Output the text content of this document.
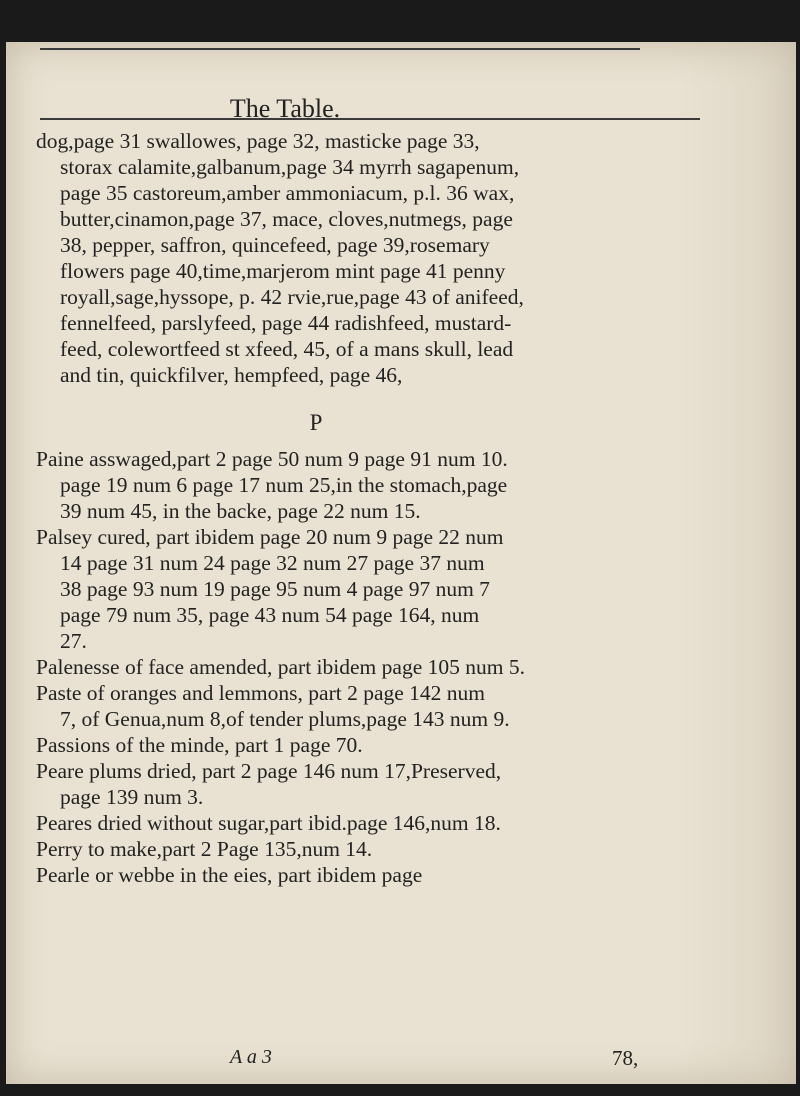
The Table.
dog,page 31 swallowes, page 32, masticke page 33,
storax calamite,galbanum,page 34 myrrh sagapenum,
page 35 castoreum,amber ammoniacum, p.l. 36 wax,
butter,cinamon,page 37, mace, cloves,nutmegs, page
38, pepper, saffron, quincefeed, page 39,rosemary
flowers page 40,time,marjerom mint page 41 penny
royall,sage,hyssope, p. 42 rvie,rue,page 43 of anifeed,
fennelfeed, parslyfeed, page 44 radishfeed, mustard-
feed, colewortfeed st xfeed, 45, of a mans skull, lead
and tin, quickfilver, hempfeed, page 46,
P
Paine asswaged,part 2 page 50 num 9 page 91 num 10.
page 19 num 6 page 17 num 25,in the stomach,page
39 num 45, in the backe, page 22 num 15.
Palsey cured, part ibidem page 20 num 9 page 22 num
14 page 31 num 24 page 32 num 27 page 37 num
38 page 93 num 19 page 95 num 4 page 97 num 7
page 79 num 35, page 43 num 54 page 164, num
27.
Palenesse of face amended, part ibidem page 105 num 5.
Paste of oranges and lemmons, part 2 page 142 num
7, of Genua,num 8,of tender plums,page 143 num 9.
Passions of the minde, part 1 page 70.
Peare plums dried, part 2 page 146 num 17,Preserved,
page 139 num 3.
Peares dried without sugar,part ibid.page 146,num 18.
Perry to make,part 2 Page 135,num 14.
Pearle or webbe in the eies, part ibidem page
A a 3	78,
